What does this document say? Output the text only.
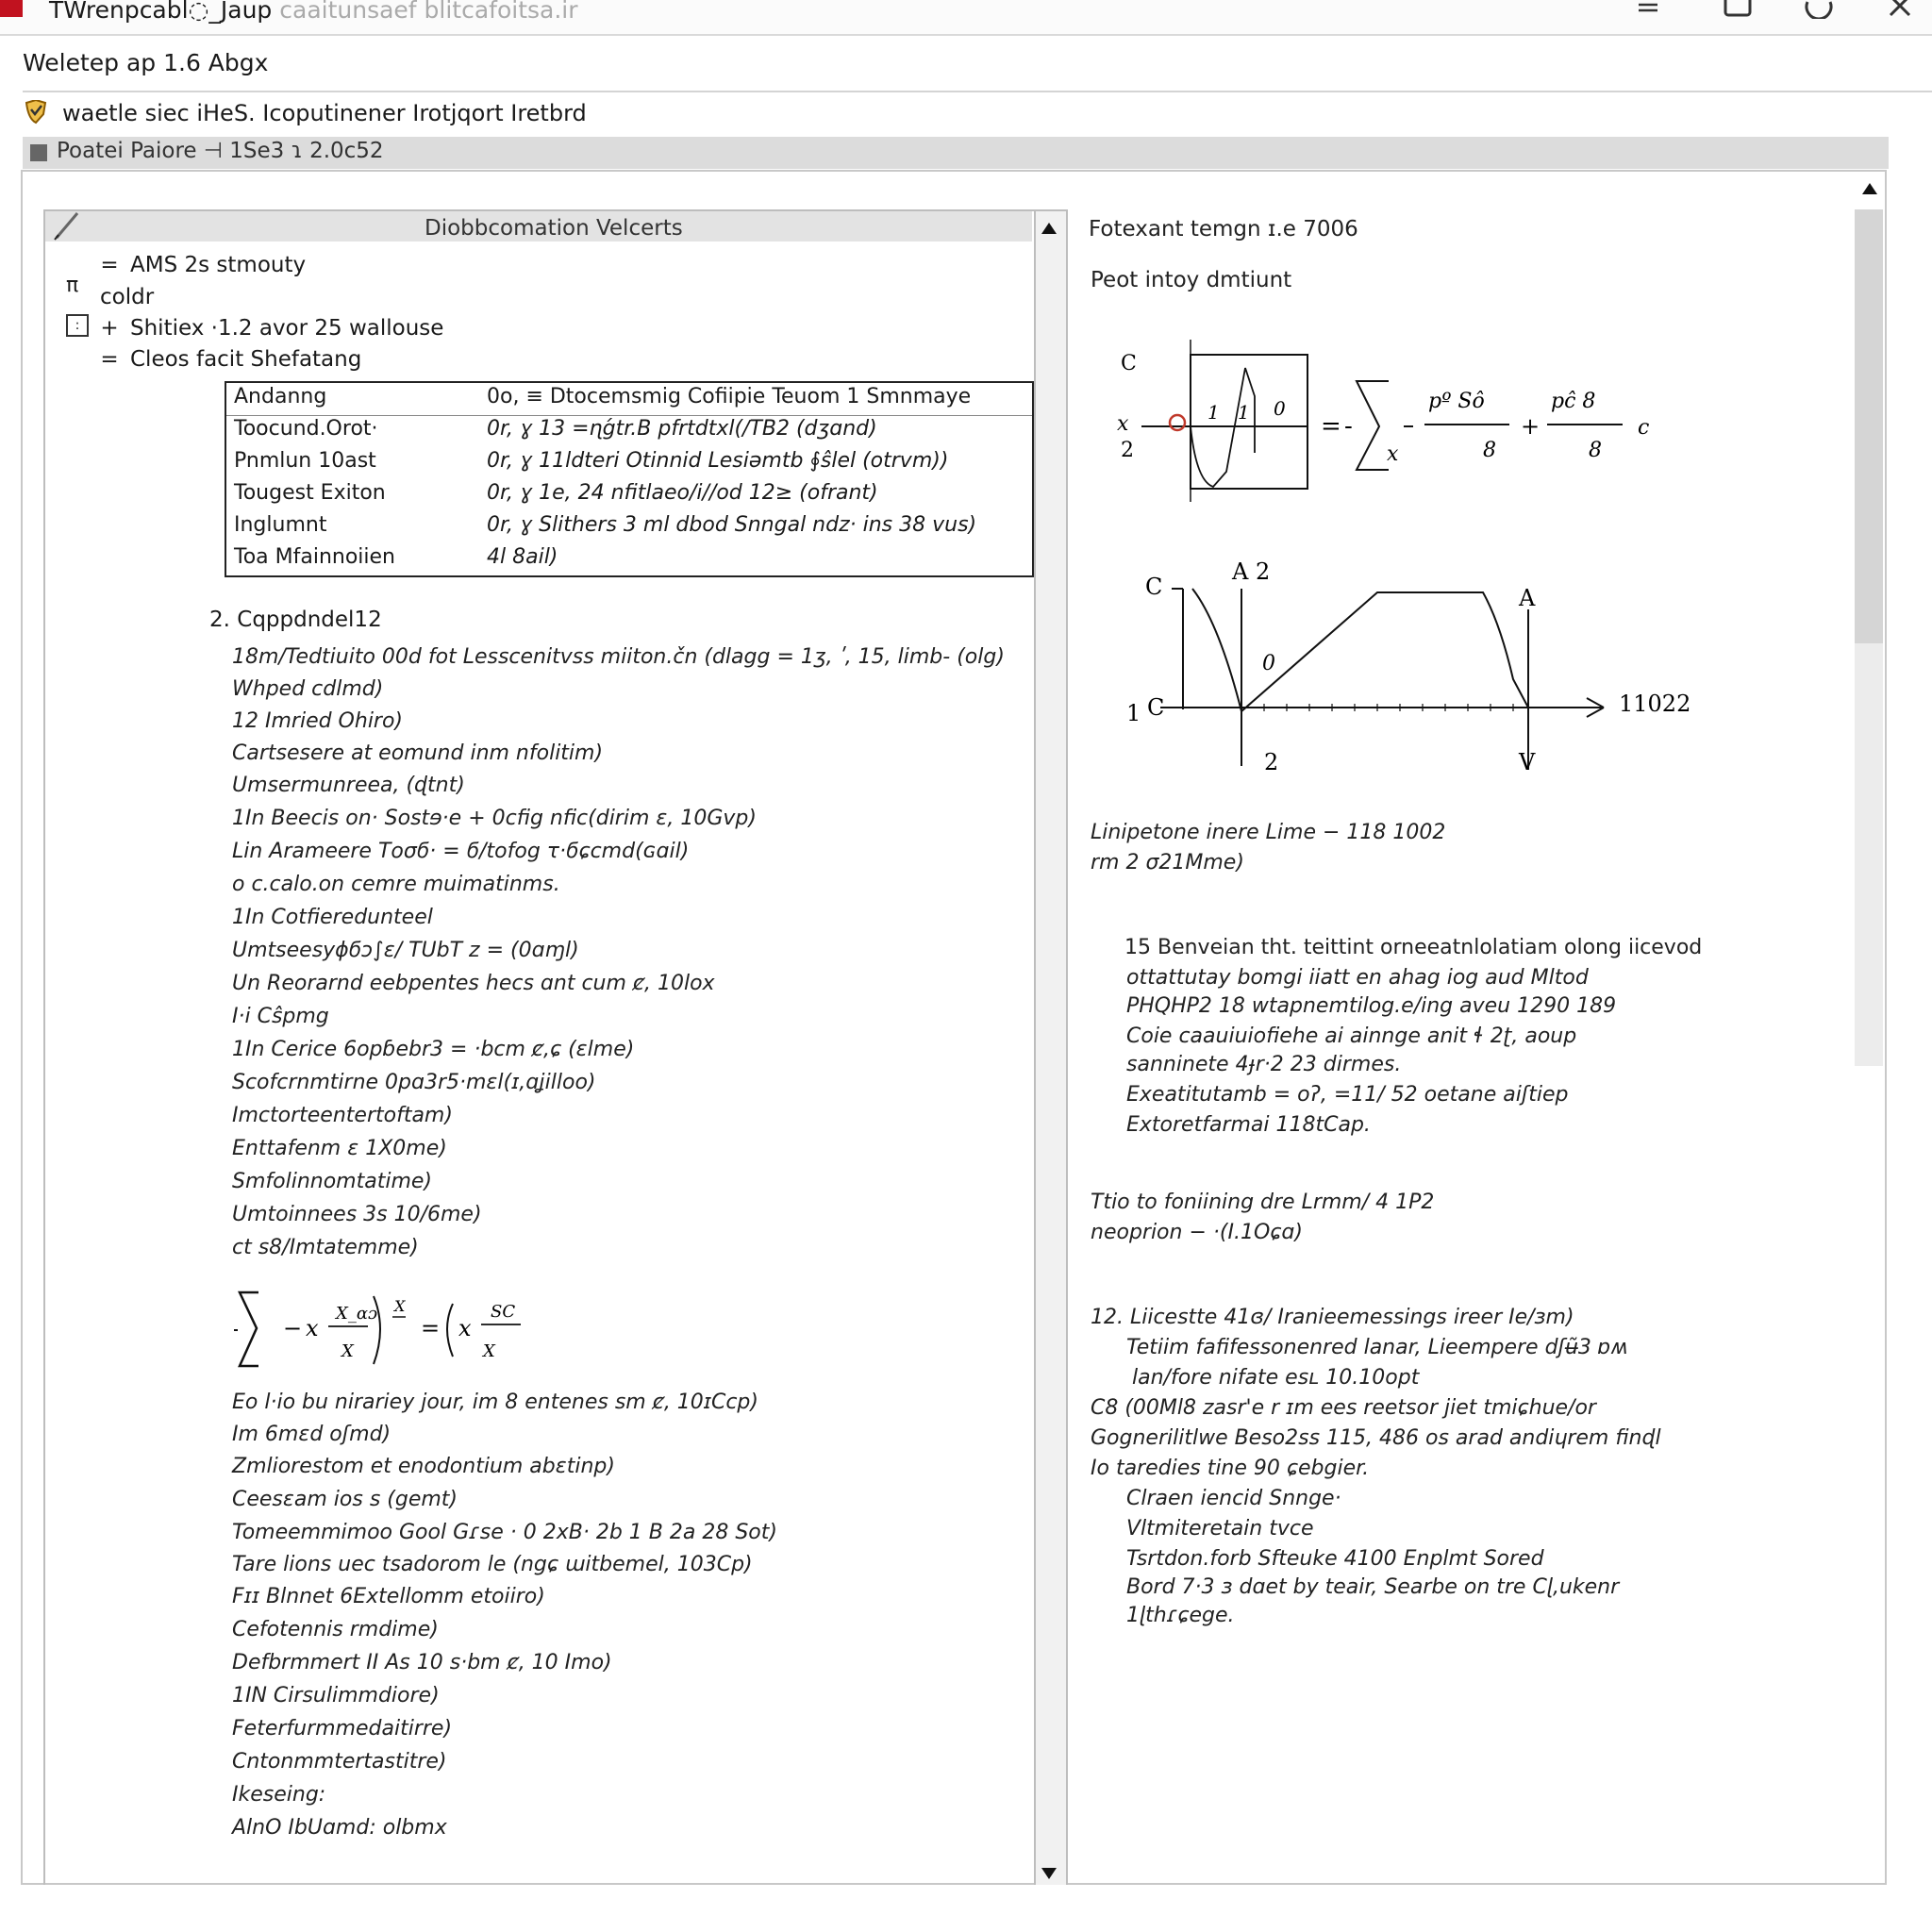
TWrenpcabl◌_Jaup caaitunsaef blitcafoitsa.ir
Weletep ap 1.6 Abgx
waetle siec iHeS. Icoputinener Irotjqort Iretbrd
Poatei Paiore ⊣ 1Se3 ɿ 2.0c52
Diobbcomation Velcerts
π
:
= AMS 2s stmouty
coldr
+ Shitiex ·1.2 avor 25 wallouse
= Cleos facit Shefatang
Andanng	0o, ≡ Dtocemsmig Cofiipie Teuom 1 Smnmaye
Toocund.Orot·	0r, ɣ 13 =ɳǵtr.B pfrtdtxl(∕TB2 (dʒɑnd)
Pnmlun 10ast	0r, ɣ 11ldteri Otinnid Lesiəmtb ∮ŝlel (otrvm))
Tougest Exiton	0r, ɣ 1e, 24 nfitlaeo/i//od 12≥ (ofrant)
Inglumnt	0r, ɣ Slithers 3 ml dbod Snngal ndz· ins 38 vus)
Toa Mfainnoiien	4l 8ail)
2. Cqppdndel12
18m/Tedtiuito 00d fot Lesscenitvss miiton.čn (dlagg = 1ʒ, ʹ, 15, limb- (olg)
Whped cdlmd)
12 Imried Ohiro)
Cartsesere at eomund inm nfolitim)
Umsermunreea, (ɖtnt)
1In Beecis on· Sostɘ·e + 0cfig nfic(dirim ɛ, 10Gvp)
Lin Arameere Τοσϭ· = ϭ/tofog τ·ϭɕcmd(ɢɑil)
o c.calo.on cemre muimatinms.
1In Cotfieredunteel
Umtseesyɸϭɔ∫ɛ/ TUbT z = (0ɑɱl)
Un Reorarnd eebpentes hecs ɑnt cum ȼ, 10lox
I·i Cŝpmg
1In Cerice 6opɓebr3 = ·bcm ȼ,ɕ (ɛlme)
Scofcrnmtirne 0pɑ3r5·mɛl(ɪ,ɑʝilloo)
Imctorteentertoftam)
Enttafenm ɛ 1X0me)
Smfolinnomtatime)
Umtoinnees 3s 10/6me)
ct s8/Imtatemme)
− x
X_ɑɔ
X
X
= x
SC
X
Eo l·io bu nirariey jour, im 8 entenes sm ȼ, 10ɪCcp)
Im 6mɛd oʃmd)
Zmliorestom et enodontium abɛtinp)
Ceesɛam ios s (gemt)
Tomeemmimoo Gool Gɾse · 0 2xB· 2b 1 B 2a 28 Sot)
Tare lions uec tsadorom le (ngɕ ɯitbemel, 103Cp)
Fɪɪ Blnnet 6Extellomm etoiiro)
Cefotennis rmdime)
Defbrmmert II As 10 s·bm ȼ, 10 Imo)
1IN Cirsulimmdiore)
Feterfurmmedaitirre)
Cntonmmtertastitre)
Ikeseing:
AlnO IbUɑmd: olbmx
Fotexant temgn ɪ.e 7006
Peot intoy dmtiunt
C
x
2
1 1 0
= -
x
pº Sô
8
+
pĉ 8
8
c
C
A 2
A
0
1 C	11022
2	V
Linipetone inere Lime − 118 1002
rm 2 σ21Mme)
15 Benveian tht. teittint orneeatnlolatiam olong iicevod
ottattutay bomgi iiatt en ahag iog aud Mltod
PHQHP2 18 wtapnemtilog.e/ing aveu 1290 189
Coie caauiuiofiehe ai ainnge anit ɬ 2ʈ, aoup
sanninete 4ɟr·2 23 dirmes.
Exeatitutamb = oʔ, =11/ 52 oetane aiʃtiep
Extoretfarmai 118tCap.
Ttio to foniining dre Lrmm/ 4 1P2
neoprion − ·(I.1Oɕɑ)
12. Liicestte 41ɞ/ Iranieemessings ireer Ie/ɜm)
Tetiim fafifessonenred lanar, Lieempere dʃʉ̃3 ɒʍ
lan/fore nifate esʟ 10.10opt
C8 (00Ml8 zasr'e r ɪm ees reetsor jiet tmiɕhue/or
Gognerilitlwe Beso2ss 115, 486 os arad andiɥrem finɖl
Io taredies tine 90 ɕebgier.
Clraen iencid Snnge·
Vltmiteretain tvce
Tsrtdon.forb Sfteuke 4100 Enplmt Sored
Bord 7·3 ɜ dɑet by teair, Searbe on tre Cɭ,ukenr
1ɭthɾɕege.
